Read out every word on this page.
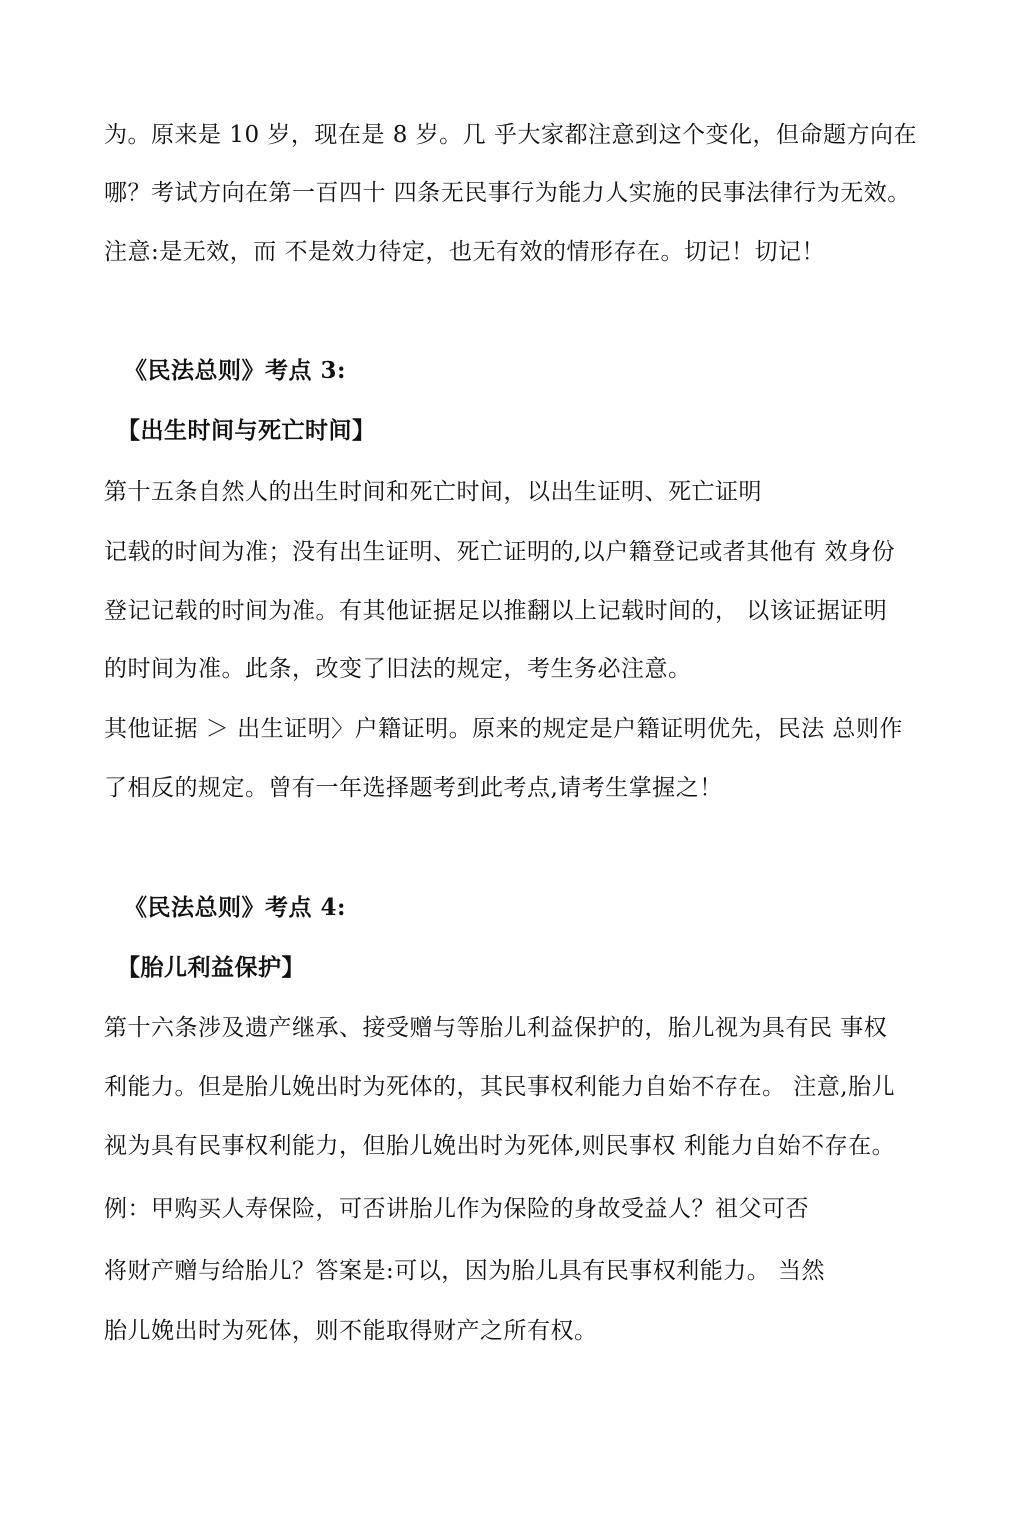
为。原来是 10 岁，现在是 8 岁。几 乎大家都注意到这个变化，但命题方向在
哪？考试方向在第一百四十 四条无民事行为能力人实施的民事法律行为无效。
注意:是无效，而 不是效力待定，也无有效的情形存在。切记！切记！
《民法总则》考点 3:
【出生时间与死亡时间】
第十五条自然人的出生时间和死亡时间，以出生证明、死亡证明
记载的时间为准；没有出生证明、死亡证明的,以户籍登记或者其他有 效身份
登记记载的时间为准。有其他证据足以推翻以上记载时间的， 以该证据证明
的时间为准。此条，改变了旧法的规定，考生务必注意。
其他证据 ＞ 出生证明〉户籍证明。原来的规定是户籍证明优先，民法 总则作
了相反的规定。曾有一年选择题考到此考点,请考生掌握之！
《民法总则》考点 4:
【胎儿利益保护】
第十六条涉及遗产继承、接受赠与等胎儿利益保护的，胎儿视为具有民 事权
利能力。但是胎儿娩出时为死体的，其民事权利能力自始不存在。 注意,胎儿
视为具有民事权利能力，但胎儿娩出时为死体,则民事权 利能力自始不存在。
例：甲购买人寿保险，可否讲胎儿作为保险的身故受益人？祖父可否
将财产赠与给胎儿？答案是:可以，因为胎儿具有民事权利能力。 当然
胎儿娩出时为死体，则不能取得财产之所有权。
